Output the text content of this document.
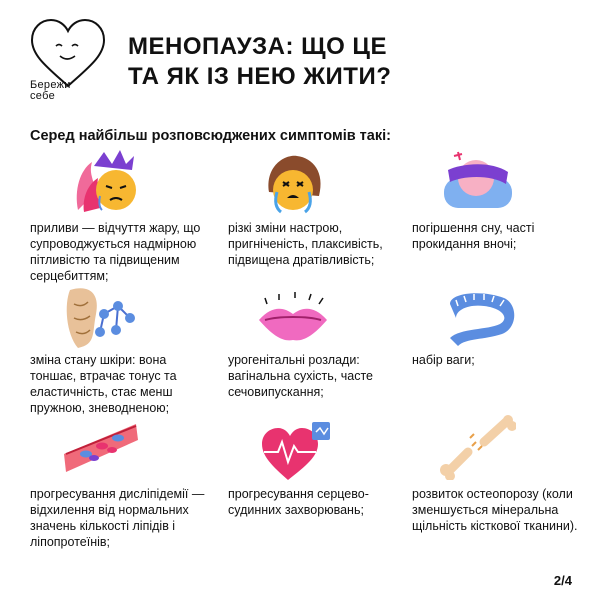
Бережи
себе
МЕНОПАУЗА: ЩО ЦЕ
ТА ЯК ІЗ НЕЮ ЖИТИ?
Серед найбільш розповсюджених симптомів такі:
приливи — відчуття жару, що супроводжується надмірною пітливістю та підвищеним серцебиттям;
різкі зміни настрою, пригніченість, плаксивість, підвищена дратівливість;
погіршення сну, часті прокидання вночі;
зміна стану шкіри: вона тоншає, втрачає тонус та еластичність, стає менш пружною, зневодненою;
урогенітальні розлади: вагінальна сухість, часте сечовипускання;
набір ваги;
прогресування дисліпідемії — відхилення від нормальних значень кількості ліпідів і ліпопротеїнів;
прогресування серцево-судинних захворювань;
розвиток остеопорозу (коли зменшується мінеральна щільність кісткової тканини).
2/4
